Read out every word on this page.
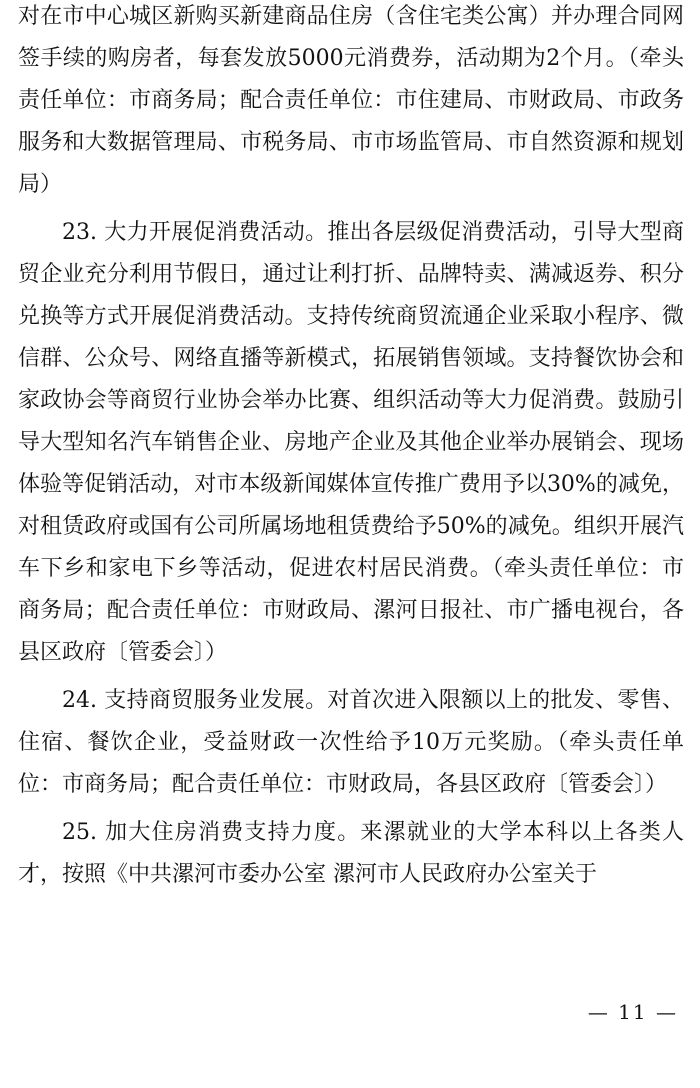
对在市中心城区新购买新建商品住房（含住宅类公寓）并办理合同网签手续的购房者，每套发放5000元消费券，活动期为2个月。（牵头责任单位：市商务局；配合责任单位：市住建局、市财政局、市政务服务和大数据管理局、市税务局、市市场监管局、市自然资源和规划局）

23. 大力开展促消费活动。推出各层级促消费活动，引导大型商贸企业充分利用节假日，通过让利打折、品牌特卖、满减返券、积分兑换等方式开展促消费活动。支持传统商贸流通企业采取小程序、微信群、公众号、网络直播等新模式，拓展销售领域。支持餐饮协会和家政协会等商贸行业协会举办比赛、组织活动等大力促消费。鼓励引导大型知名汽车销售企业、房地产企业及其他企业举办展销会、现场体验等促销活动，对市本级新闻媒体宣传推广费用予以30%的减免，对租赁政府或国有公司所属场地租赁费给予50%的减免。组织开展汽车下乡和家电下乡等活动，促进农村居民消费。（牵头责任单位：市商务局；配合责任单位：市财政局、漯河日报社、市广播电视台，各县区政府〔管委会〕）

24. 支持商贸服务业发展。对首次进入限额以上的批发、零售、住宿、餐饮企业，受益财政一次性给予10万元奖励。（牵头责任单位：市商务局；配合责任单位：市财政局，各县区政府〔管委会〕）

25. 加大住房消费支持力度。来漯就业的大学本科以上各类人才，按照《中共漯河市委办公室 漯河市人民政府办公室关于

— 11 —
